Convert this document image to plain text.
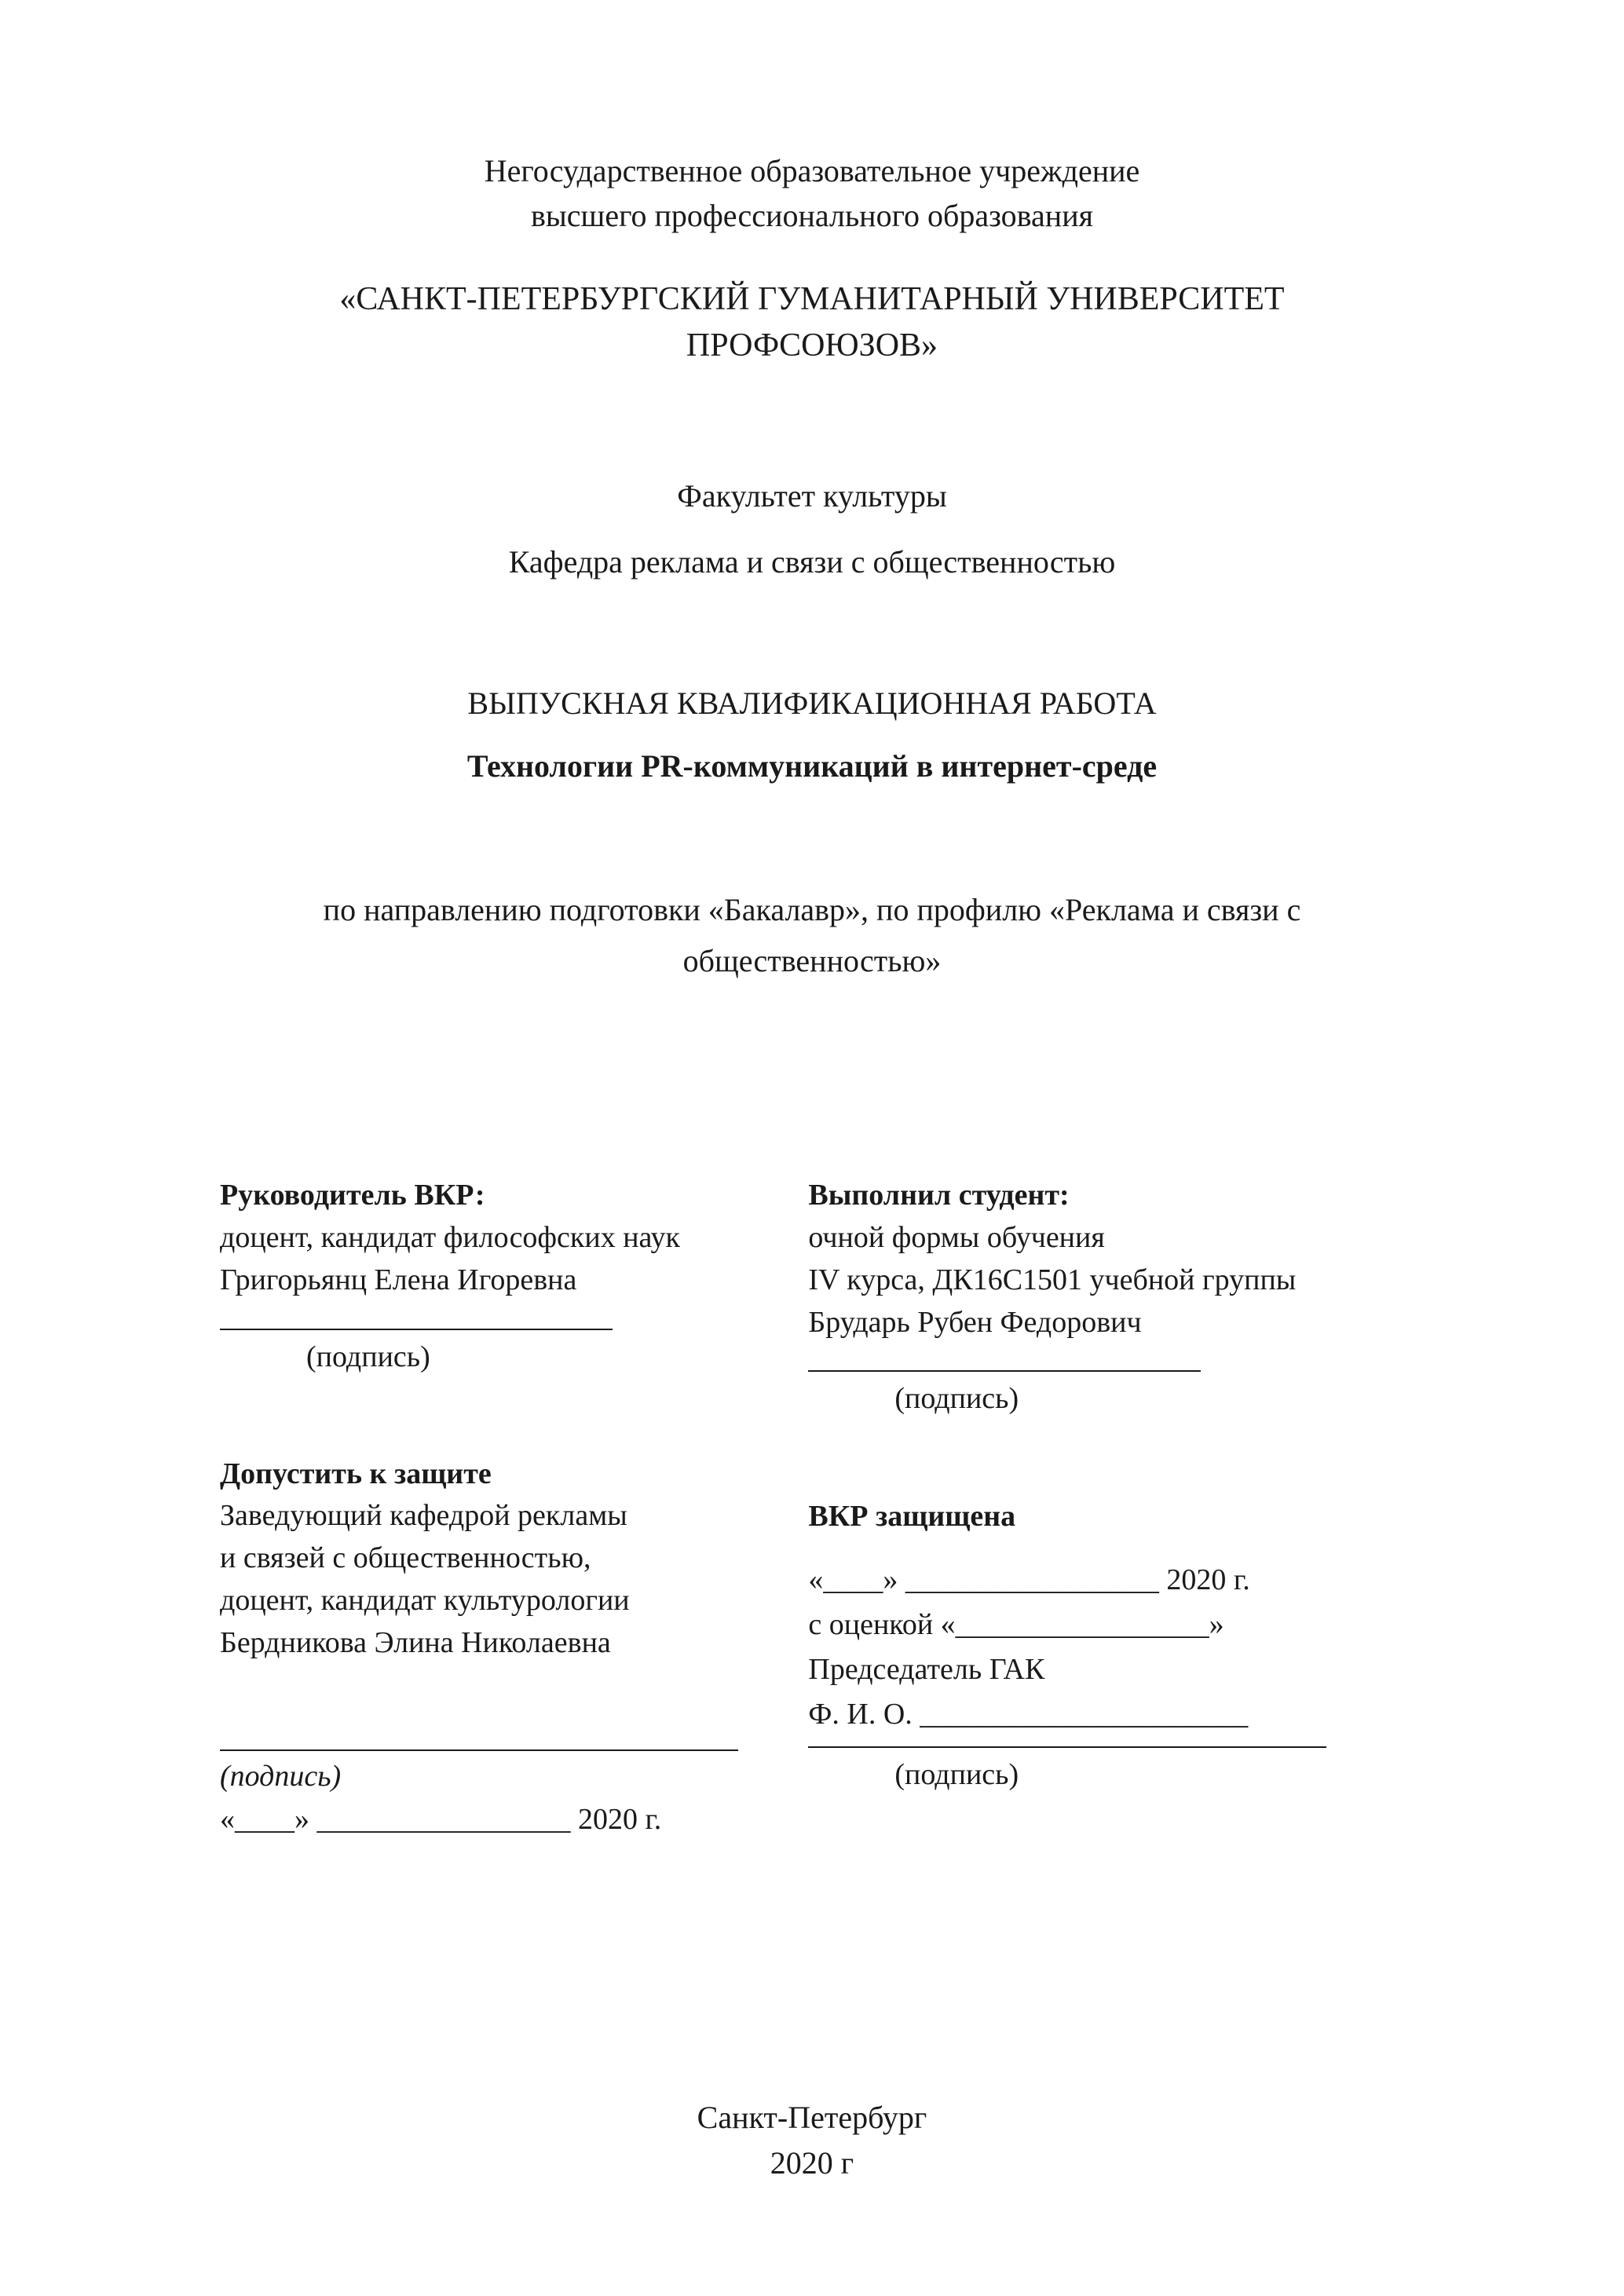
Негосударственное образовательное учреждение
высшего профессионального образования
«САНКТ-ПЕТЕРБУРГСКИЙ ГУМАНИТАРНЫЙ УНИВЕРСИТЕТ
ПРОФСОЮЗОВ»
Факультет культуры
Кафедра реклама и связи с общественностью
ВЫПУСКНАЯ КВАЛИФИКАЦИОННАЯ РАБОТА
Технологии PR-коммуникаций в интернет-среде
по направлению подготовки «Бакалавр», по профилю «Реклама и связи с общественностью»
Руководитель ВКР:
доцент, кандидат философских наук
Григорьянц Елена Игоревна
(подпись)
Допустить к защите
Заведующий кафедрой рекламы
и связей с общественностью,
доцент, кандидат культурологии
Бердникова Элина Николаевна
(подпись)
«____» _________________ 2020 г.
Выполнил студент:
очной формы обучения
IV курса, ДК16С1501 учебной группы
Брударь Рубен Федорович
(подпись)
ВКР защищена
«____» _________________ 2020 г.
с оценкой «_________________»
Председатель ГАК
Ф. И. О. ______________________
(подпись)
Санкт-Петербург
2020 г
